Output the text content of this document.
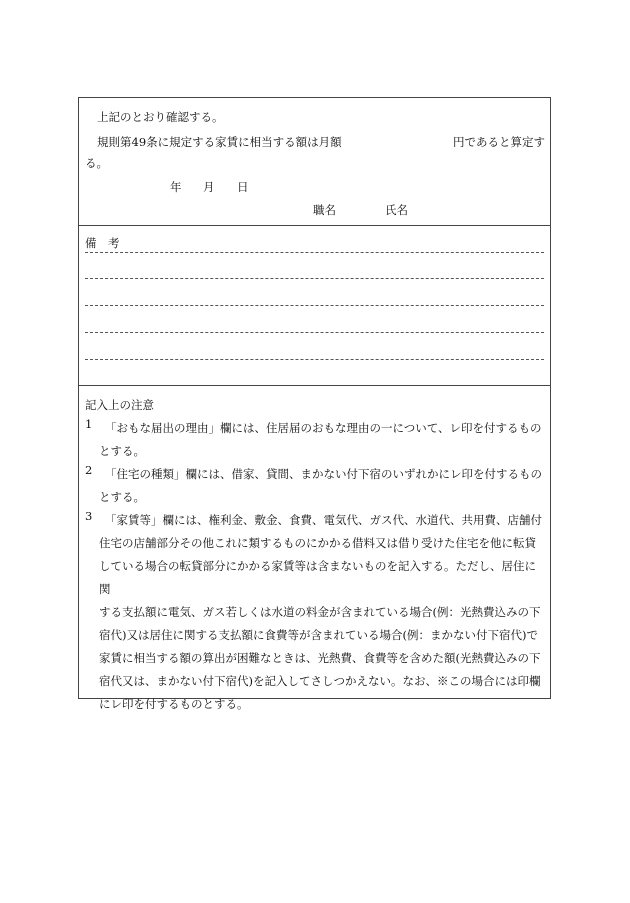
上記のとおり確認する。
規則第49条に規定する家賃に相当する額は月額	円であると算定す
る。
年 月 日
職名	氏名
備　考

記入上の注意

1 「おもな届出の理由」欄には、住居届のおもな理由の一について、レ印を付するもの

とする。

2 「住宅の種類」欄には、借家、貸間、まかない付下宿のいずれかにレ印を付するもの

とする。

3 「家賃等」欄には、権利金、敷金、食費、電気代、ガス代、水道代、共用費、店舗付

住宅の店舗部分その他これに類するものにかかる借料又は借り受けた住宅を他に転貸

している場合の転貸部分にかかる家賃等は含まないものを記入する。ただし、居住に関

する支払額に電気、ガス若しくは水道の料金が含まれている場合(例：光熱費込みの下

宿代)又は居住に関する支払額に食費等が含まれている場合(例：まかない付下宿代)で

家賃に相当する額の算出が困難なときは、光熱費、食費等を含めた額(光熱費込みの下

宿代又は、まかない付下宿代)を記入してさしつかえない。なお、※この場合には印欄

にレ印を付するものとする。
